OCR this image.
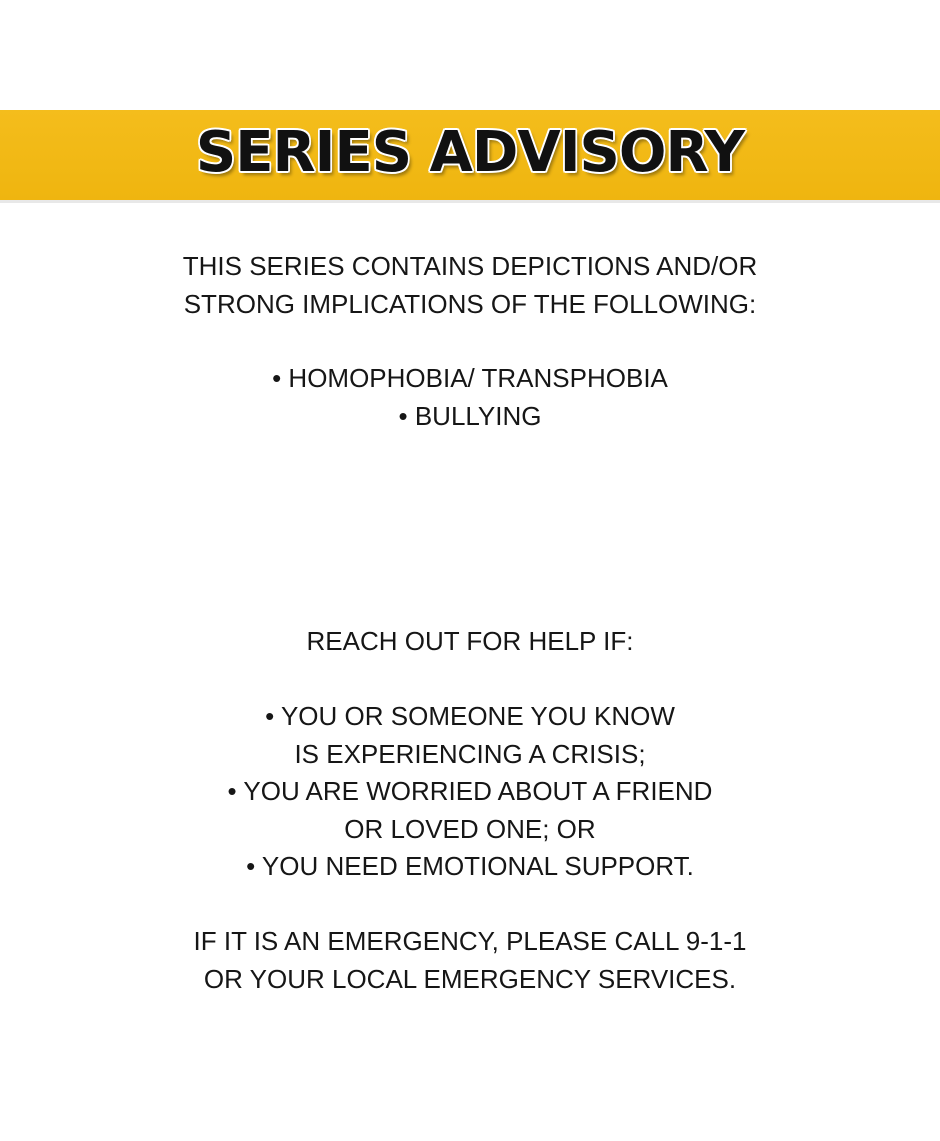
SERIES ADVISORY
THIS SERIES CONTAINS DEPICTIONS AND/OR
STRONG IMPLICATIONS OF THE FOLLOWING:
• HOMOPHOBIA/ TRANSPHOBIA
• BULLYING
REACH OUT FOR HELP IF:
• YOU OR SOMEONE YOU KNOW
IS EXPERIENCING A CRISIS;
• YOU ARE WORRIED ABOUT A FRIEND
OR LOVED ONE; OR
• YOU NEED EMOTIONAL SUPPORT.
IF IT IS AN EMERGENCY, PLEASE CALL 9-1-1
OR YOUR LOCAL EMERGENCY SERVICES.
